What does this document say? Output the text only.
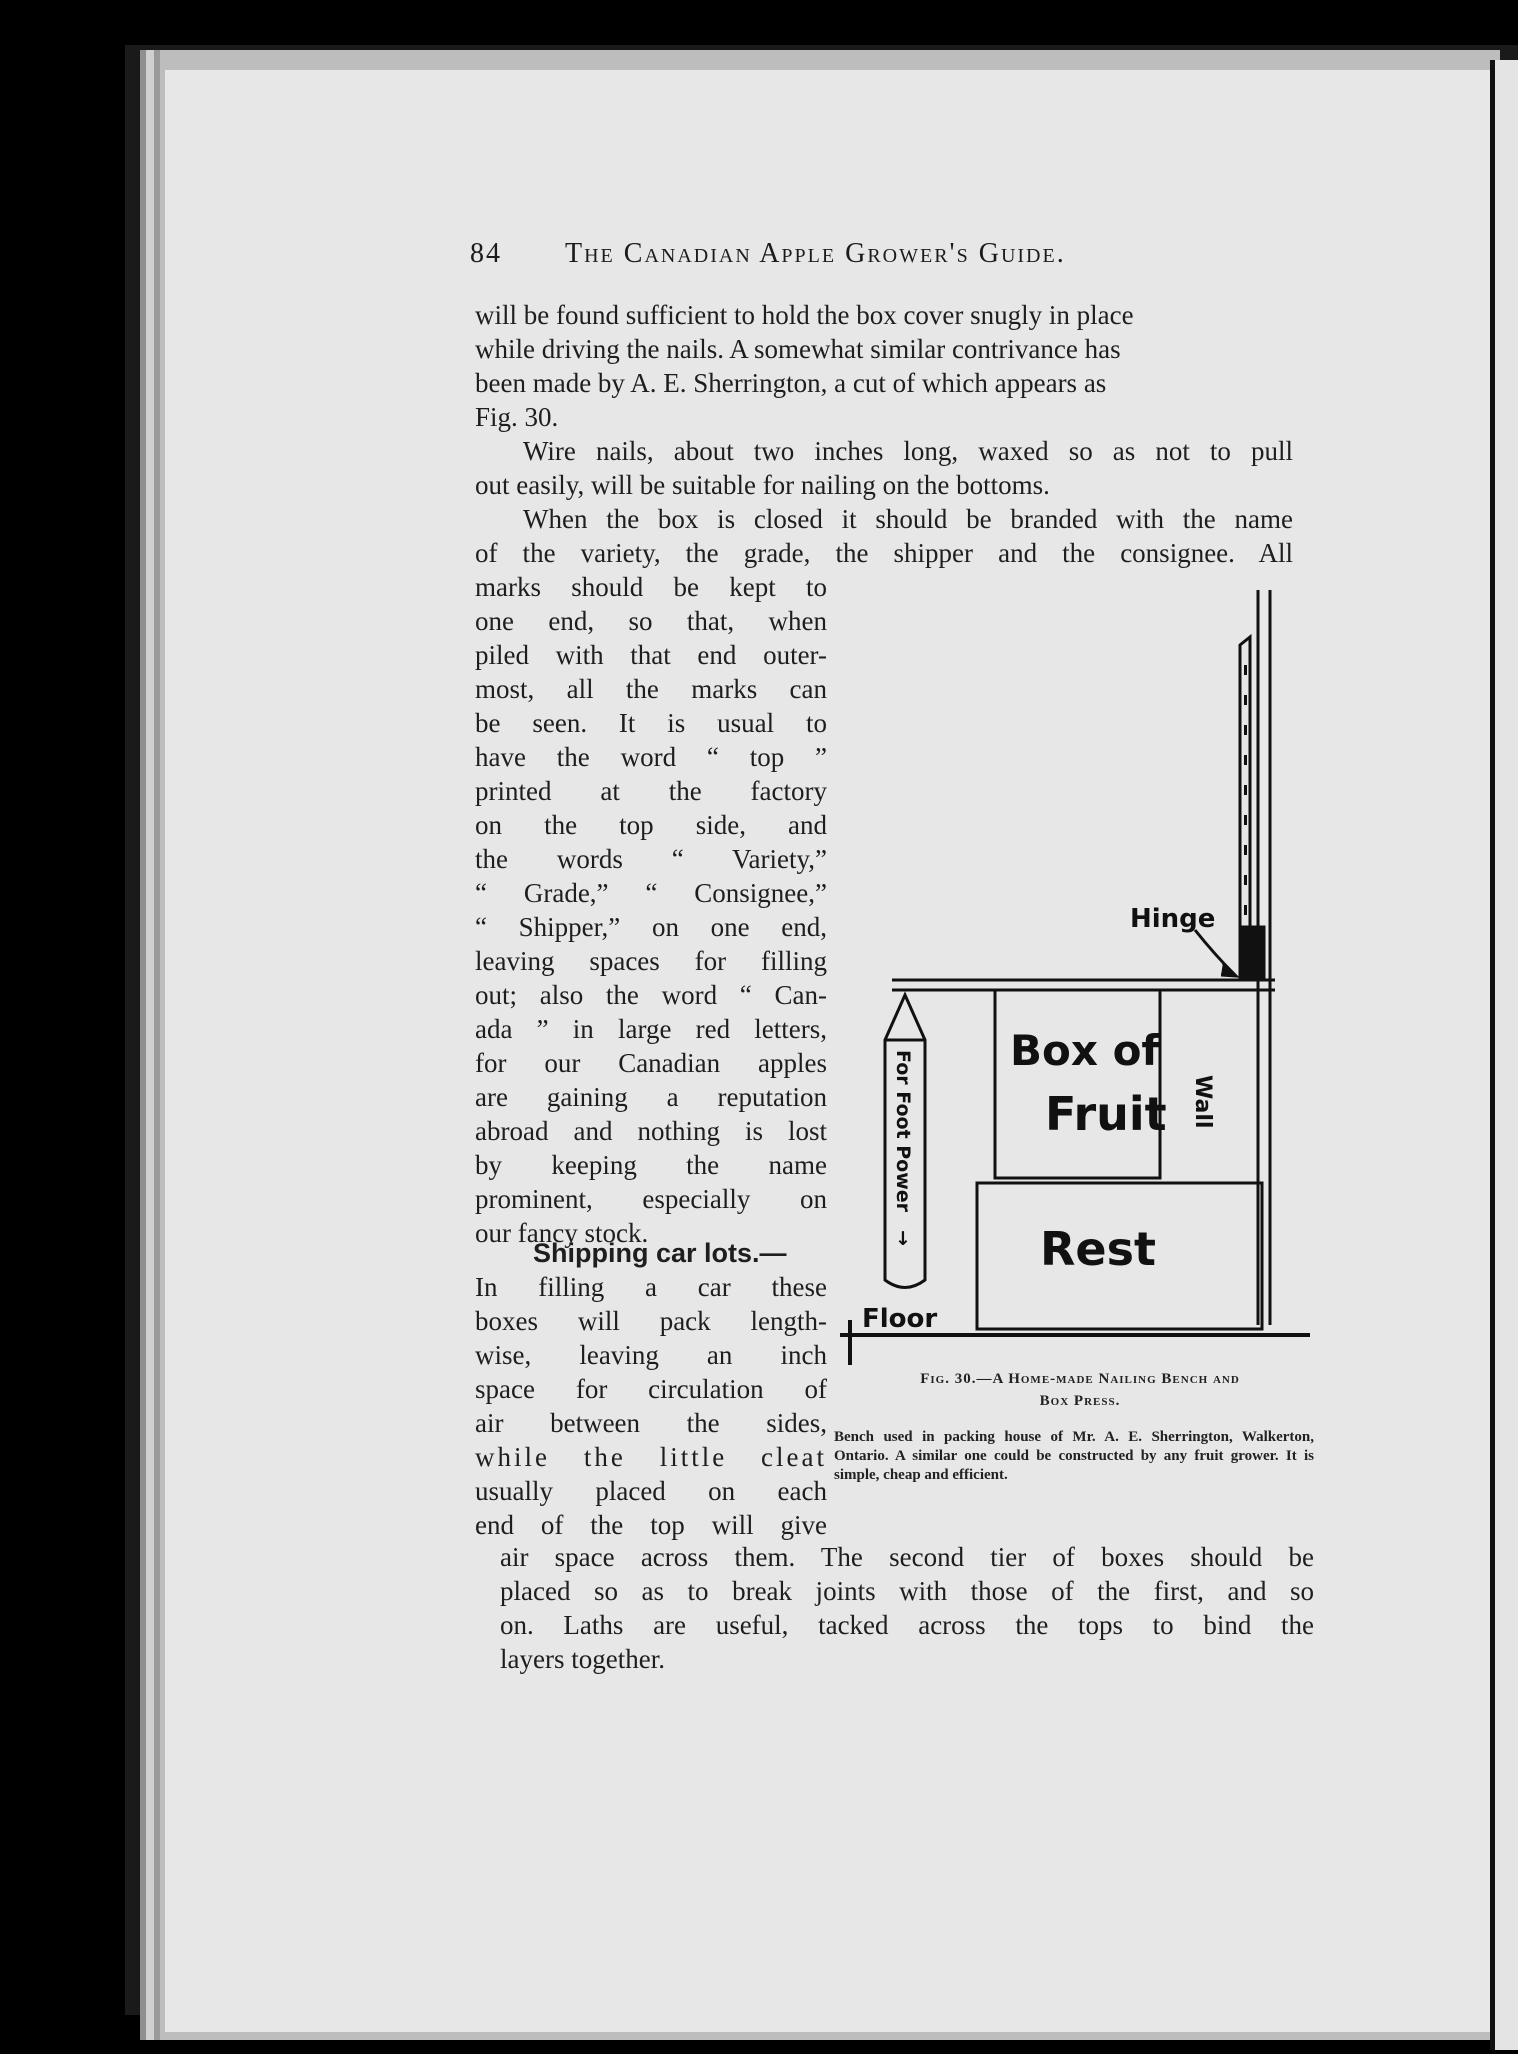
84 The Canadian Apple Grower's Guide.
will be found sufficient to hold the box cover snugly in place
while driving the nails. A somewhat similar contrivance has
been made by A. E. Sherrington, a cut of which appears as
Fig. 30.
Wire nails, about two inches long, waxed so as not to pull
out easily, will be suitable for nailing on the bottoms.
When the box is closed it should be branded with the name
of the variety, the grade, the shipper and the consignee. All
marks should be kept to
one end, so that, when
piled with that end outer-
most, all the marks can
be seen. It is usual to
have the word “ top ”
printed at the factory
on the top side, and
the words “ Variety,”
“ Grade,” “ Consignee,”
“ Shipper,” on one end,
leaving spaces for filling
out; also the word “ Can-
ada ” in large red letters,
for our Canadian apples
are gaining a reputation
abroad and nothing is lost
by keeping the name
prominent, especially on
our fancy stock.
Shipping car lots.—
In filling a car these
boxes will pack length-
wise, leaving an inch
space for circulation of
air between the sides,
while the little cleat
usually placed on each
end of the top will give
air space across them. The second tier of boxes should be
placed so as to break joints with those of the first, and so
on. Laths are useful, tacked across the tops to bind the
layers together.
Hinge
Box of
Fruit
Rest
Wall
For Foot Power
→
Floor
Fig. 30.—A Home-made Nailing Bench and
Box Press.
Bench used in packing house of Mr. A. E. Sherrington, Walkerton, Ontario. A similar one could be constructed by any fruit grower. It is simple, cheap and efficient.
